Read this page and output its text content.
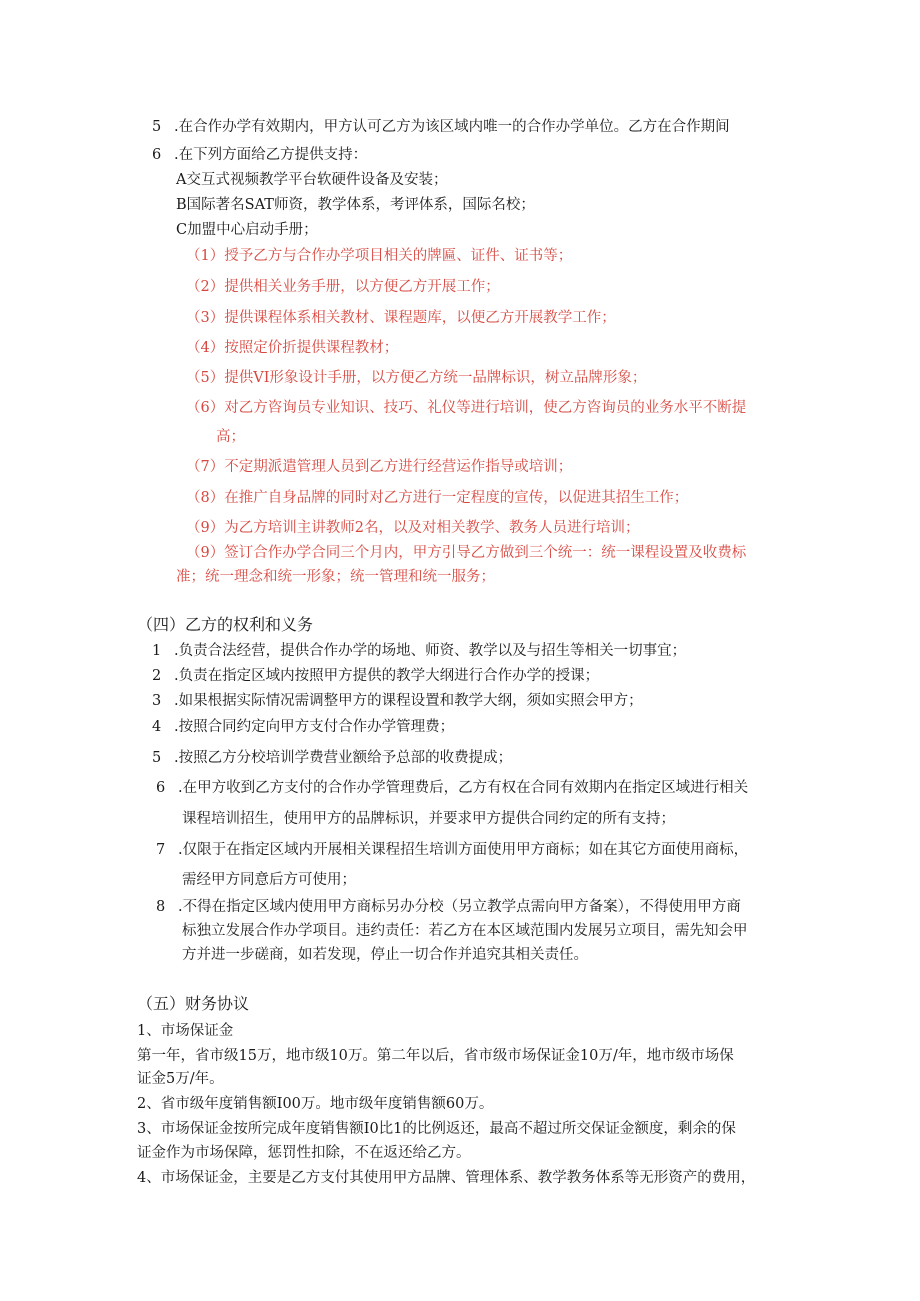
5 .在合作办学有效期内，甲方认可乙方为该区域内唯一的合作办学单位。乙方在合作期间
6 .在下列方面给乙方提供支持：
A交互式视频教学平台软硬件设备及安装；
B国际著名SAT师资，教学体系，考评体系，国际名校；
C加盟中心启动手册；
（1）授予乙方与合作办学项目相关的牌匾、证件、证书等；
（2）提供相关业务手册，以方便乙方开展工作；
（3）提供课程体系相关教材、课程题库，以便乙方开展教学工作；
（4）按照定价折提供课程教材；
（5）提供VI形象设计手册，以方便乙方统一品牌标识，树立品牌形象；
（6）对乙方咨询员专业知识、技巧、礼仪等进行培训，使乙方咨询员的业务水平不断提
高；
（7）不定期派遣管理人员到乙方进行经营运作指导或培训；
（8）在推广自身品牌的同时对乙方进行一定程度的宣传，以促进其招生工作；
（9）为乙方培训主讲教师2名，以及对相关教学、教务人员进行培训；
（9）签订合作办学合同三个月内，甲方引导乙方做到三个统一：统一课程设置及收费标
准；统一理念和统一形象；统一管理和统一服务；
（四）乙方的权利和义务
1 .负责合法经营，提供合作办学的场地、师资、教学以及与招生等相关一切事宜；
2 .负责在指定区域内按照甲方提供的教学大纲进行合作办学的授课；
3 .如果根据实际情况需调整甲方的课程设置和教学大纲，须如实照会甲方；
4 .按照合同约定向甲方支付合作办学管理费；
5 .按照乙方分校培训学费营业额给予总部的收费提成；
6 .在甲方收到乙方支付的合作办学管理费后，乙方有权在合同有效期内在指定区域进行相关
课程培训招生，使用甲方的品牌标识，并要求甲方提供合同约定的所有支持；
7 .仅限于在指定区域内开展相关课程招生培训方面使用甲方商标；如在其它方面使用商标，
需经甲方同意后方可使用；
8 .不得在指定区域内使用甲方商标另办分校（另立教学点需向甲方备案），不得使用甲方商
标独立发展合作办学项目。违约责任：若乙方在本区域范围内发展另立项目，需先知会甲
方并进一步磋商，如若发现，停止一切合作并追究其相关责任。
（五）财务协议
1、市场保证金
第一年，省市级15万，地市级10万。第二年以后，省市级市场保证金10万/年，地市级市场保
证金5万/年。
2、省市级年度销售额I00万。地市级年度销售额60万。
3、市场保证金按所完成年度销售额I0比1的比例返还，最高不超过所交保证金额度，剩余的保
证金作为市场保障，惩罚性扣除，不在返还给乙方。
4、市场保证金，主要是乙方支付其使用甲方品牌、管理体系、教学教务体系等无形资产的费用，
